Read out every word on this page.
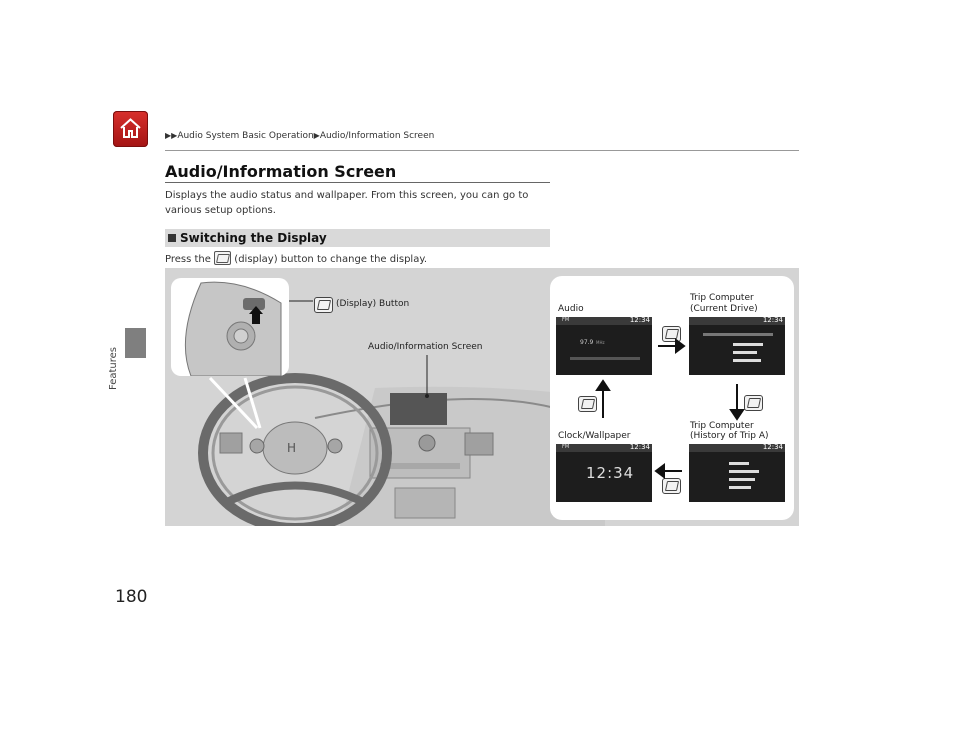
Features
180
▶▶Audio System Basic Operation▶Audio/Information Screen
Audio/Information Screen
Displays the audio status and wallpaper. From this screen, you can go to various setup options.
Switching the Display
Press the (display) button to change the display.
H
(Display) Button
Audio/Information Screen
Audio
Trip Computer
(Current Drive)
Trip Computer
(History of Trip A)
Clock/Wallpaper
FM	12:34
97.9 MHz
12:34
FM	12:34
12:34
12:34
